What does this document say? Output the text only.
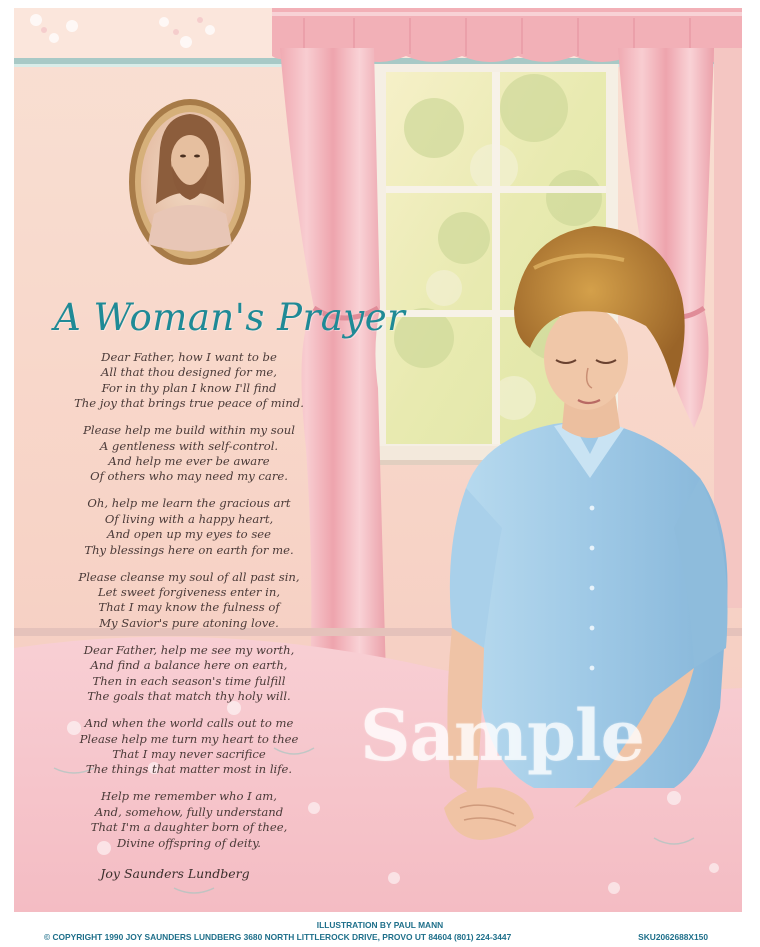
A Woman's Prayer
Dear Father, how I want to be
All that thou designed for me,
For in thy plan I know I'll find
The joy that brings true peace of mind.
Please help me build within my soul
A gentleness with self-control.
And help me ever be aware
Of others who may need my care.
Oh, help me learn the gracious art
Of living with a happy heart,
And open up my eyes to see
Thy blessings here on earth for me.
Please cleanse my soul of all past sin,
Let sweet forgiveness enter in,
That I may know the fulness of
My Savior's pure atoning love.
Dear Father, help me see my worth,
And find a balance here on earth,
Then in each season's time fulfill
The goals that match thy holy will.
And when the world calls out to me
Please help me turn my heart to thee
That I may never sacrifice
The things that matter most in life.
Help me remember who I am,
And, somehow, fully understand
That I'm a daughter born of thee,
Divine offspring of deity.
Sample
Joy Saunders Lundberg
ILLUSTRATION BY PAUL MANN
© COPYRIGHT 1990 JOY SAUNDERS LUNDBERG 3680 NORTH LITTLEROCK DRIVE, PROVO UT 84604 (801) 224-3447	SKU2062688X150
